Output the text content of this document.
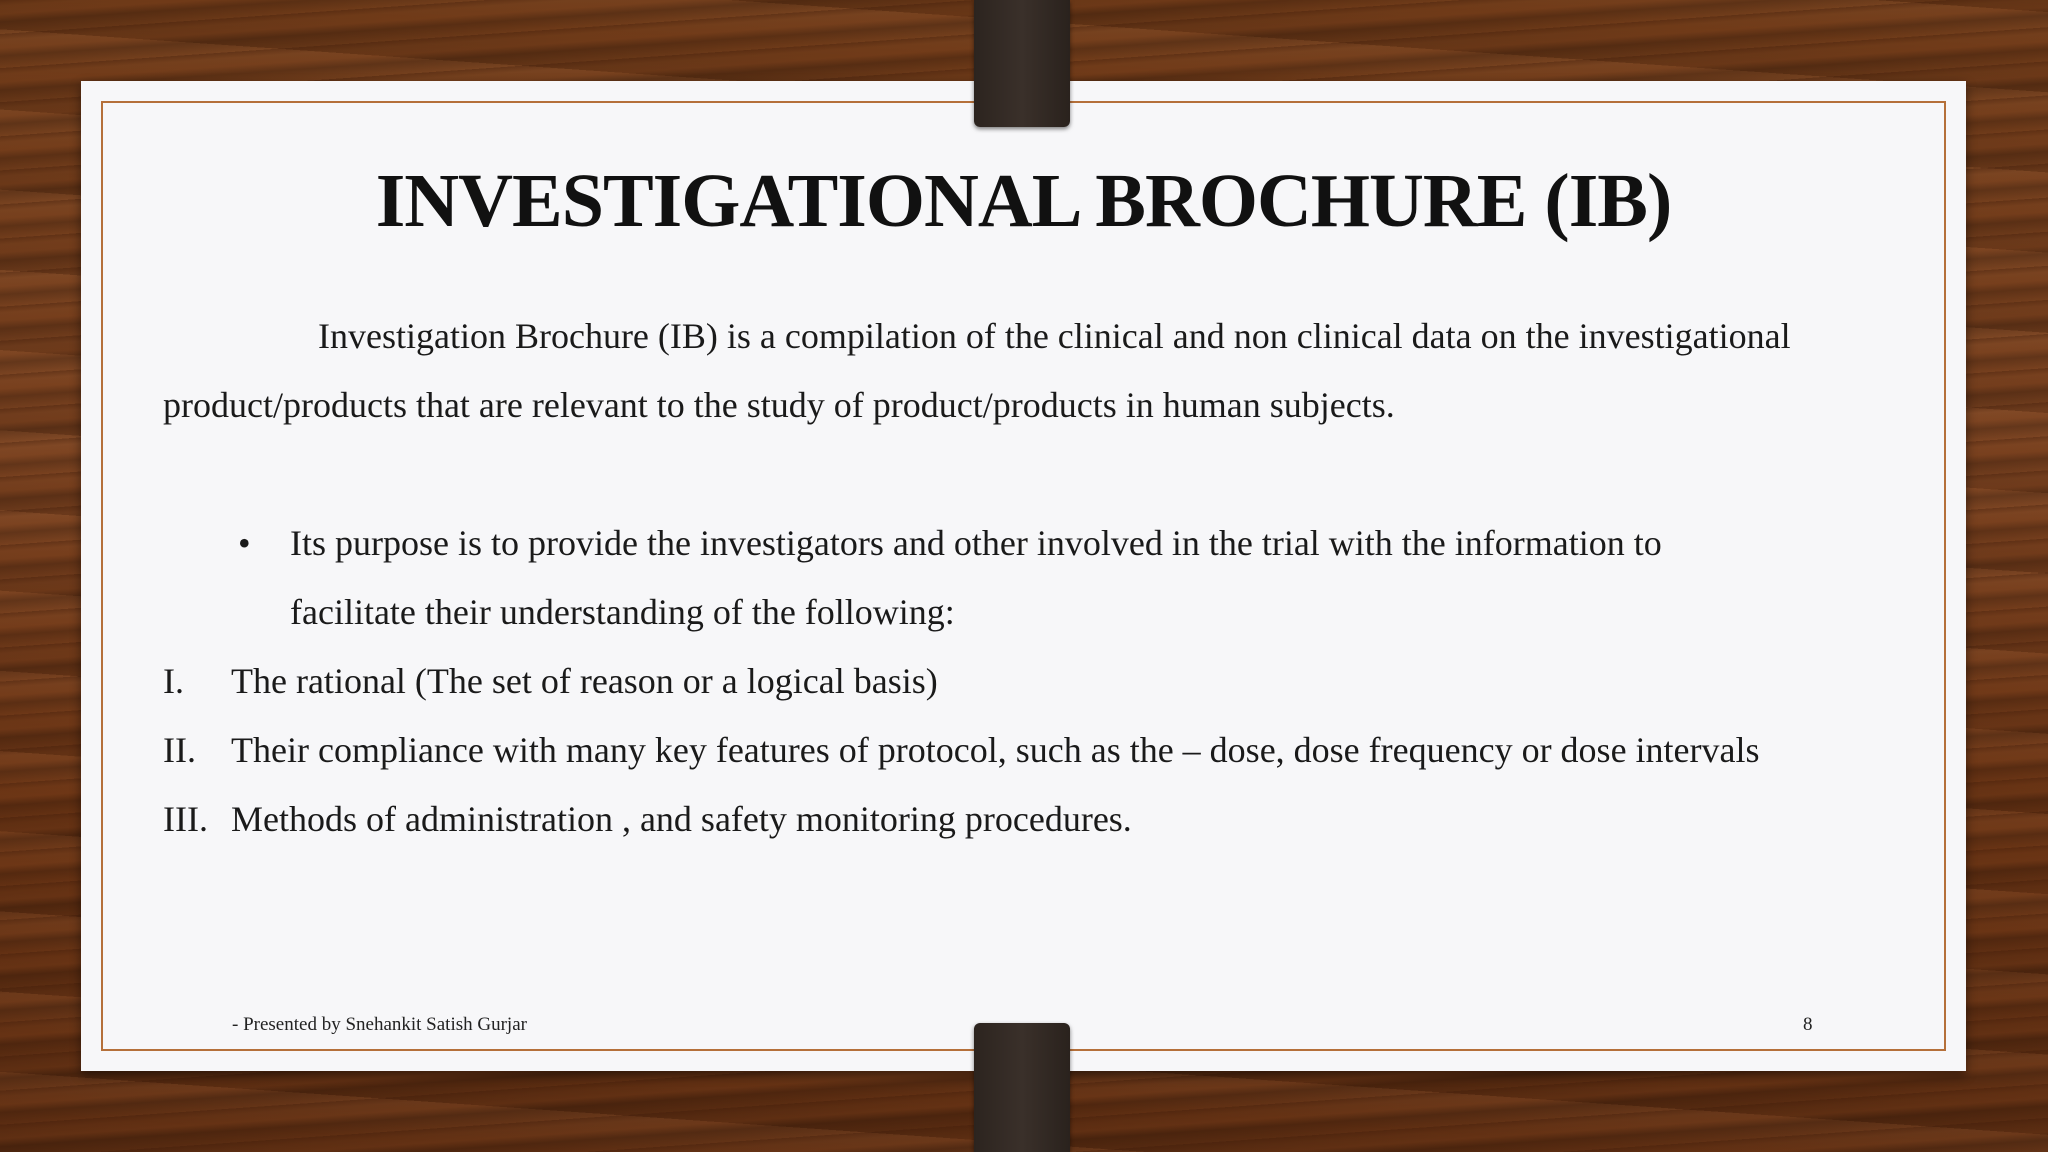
INVESTIGATIONAL BROCHURE (IB)
Investigation Brochure (IB) is a compilation of the clinical and non clinical data on the investigational product/products that are relevant to the study of product/products in human subjects.
•	Its purpose is to provide the investigators and other involved in the trial with the information to facilitate their understanding of the following:
I. The rational (The set of reason or a logical basis)
II. Their compliance with many key features of protocol, such as the – dose, dose frequency or dose intervals
III. Methods of administration , and safety monitoring procedures.
- Presented by Snehankit Satish Gurjar	8
